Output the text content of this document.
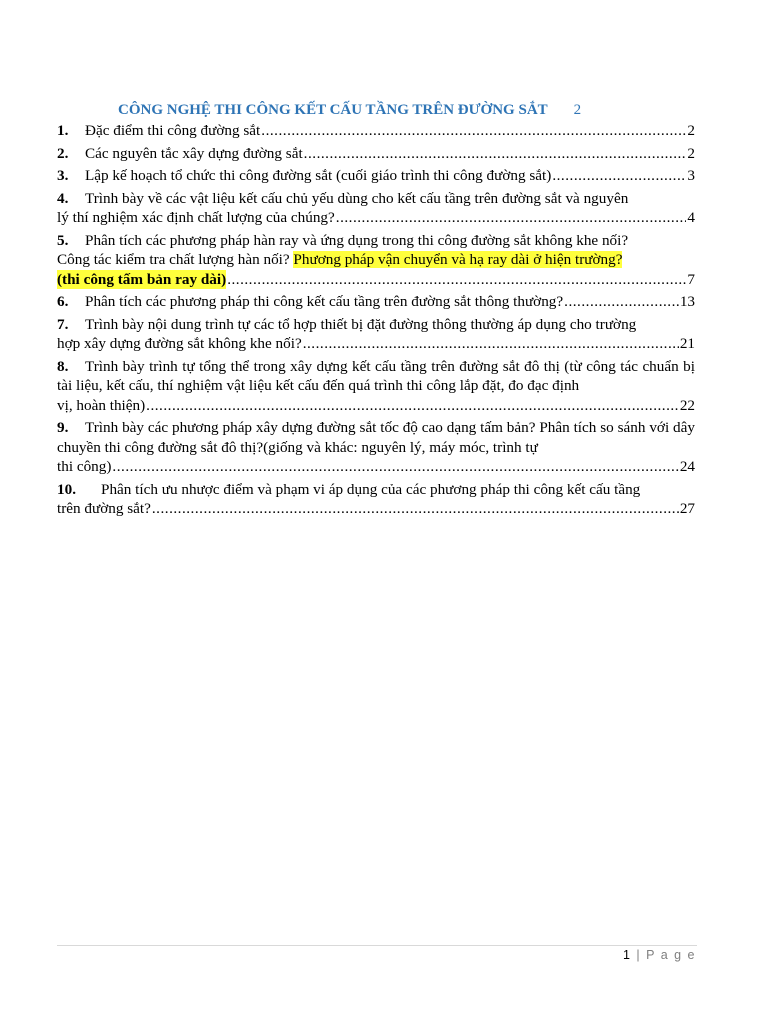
CÔNG NGHỆ THI CÔNG KẾT CẤU TẦNG TRÊN ĐƯỜNG SẮT 2
1. Đặc điểm thi công đường sắt .....	2
2. Các nguyên tắc xây dựng đường sắt .....	2
3. Lập kế hoạch tổ chức thi công đường sắt (cuối giáo trình thi công đường sắt) .....	3
4. Trình bày về các vật liệu kết cấu chủ yếu dùng cho kết cấu tầng trên đường sắt và nguyên
lý thí nghiệm xác định chất lượng của chúng? .....	4
5. Phân tích các phương pháp hàn ray và ứng dụng trong thi công đường sắt không khe nối?
Công tác kiểm tra chất lượng hàn nối? Phương pháp vận chuyển và hạ ray dài ở hiện trường?
(thi công tấm bản ray dài) .....	7
6. Phân tích các phương pháp thi công kết cấu tầng trên đường sắt thông thường? .....	13
7. Trình bày nội dung trình tự các tổ hợp thiết bị đặt đường thông thường áp dụng cho trường
hợp xây dựng đường sắt không khe nối? .....	21
8. Trình bày trình tự tổng thể trong xây dựng kết cấu tầng trên đường sắt đô thị (từ công tác chuẩn bị tài liệu, kết cấu, thí nghiệm vật liệu kết cấu đến quá trình thi công lắp đặt, đo đạc định
vị, hoàn thiện) .....	22
9. Trình bày các phương pháp xây dựng đường sắt tốc độ cao dạng tấm bản? Phân tích so sánh với dây chuyền thi công đường sắt đô thị?(giống và khác: nguyên lý, máy móc, trình tự
thi công) .....	24
10. Phân tích ưu nhược điểm và phạm vi áp dụng của các phương pháp thi công kết cấu tầng
trên đường sắt? .....	27
1 | P a g e
